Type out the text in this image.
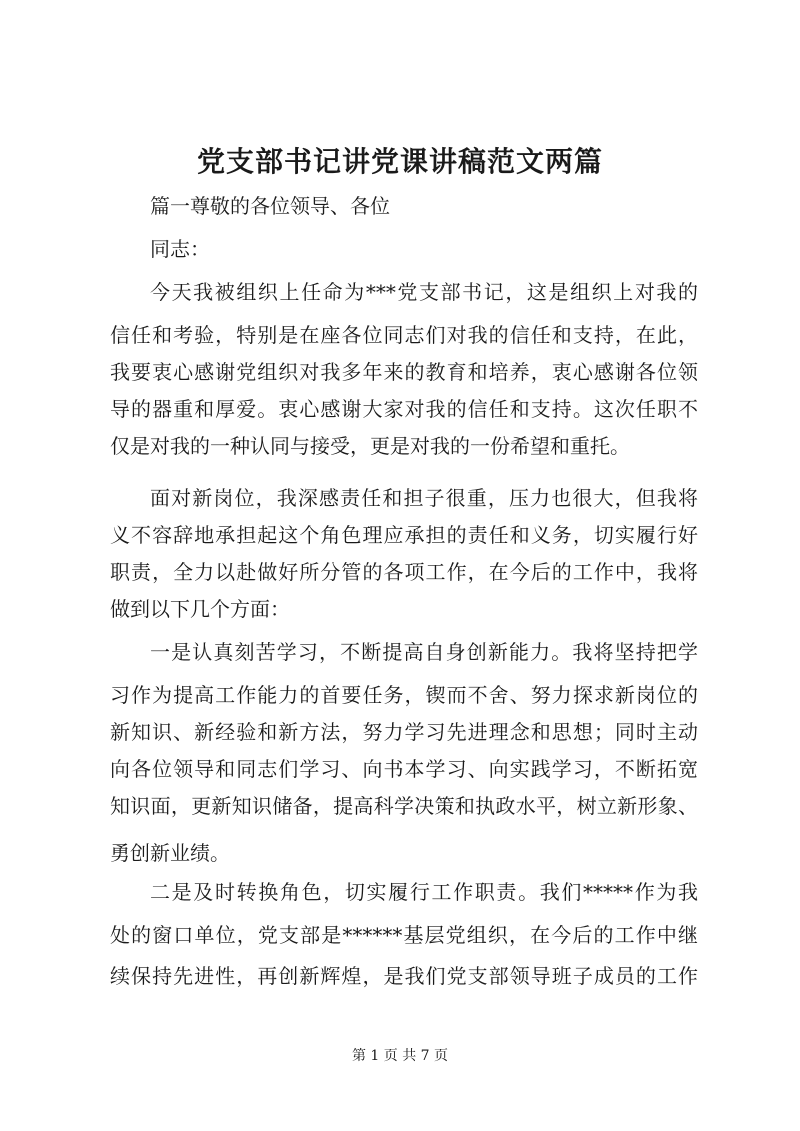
党支部书记讲党课讲稿范文两篇
篇一尊敬的各位领导、各位
同志：
今天我被组织上任命为***党支部书记，这是组织上对我的
信任和考验，特别是在座各位同志们对我的信任和支持，在此，
我要衷心感谢党组织对我多年来的教育和培养，衷心感谢各位领
导的器重和厚爱。衷心感谢大家对我的信任和支持。这次任职不
仅是对我的一种认同与接受，更是对我的一份希望和重托。
面对新岗位，我深感责任和担子很重，压力也很大，但我将
义不容辞地承担起这个角色理应承担的责任和义务，切实履行好
职责，全力以赴做好所分管的各项工作，在今后的工作中，我将
做到以下几个方面：
一是认真刻苦学习，不断提高自身创新能力。我将坚持把学
习作为提高工作能力的首要任务，锲而不舍、努力探求新岗位的
新知识、新经验和新方法，努力学习先进理念和思想；同时主动
向各位领导和同志们学习、向书本学习、向实践学习，不断拓宽
知识面，更新知识储备，提高科学决策和执政水平，树立新形象、
勇创新业绩。
二是及时转换角色，切实履行工作职责。我们*****作为我
处的窗口单位，党支部是******基层党组织，在今后的工作中继
续保持先进性，再创新辉煌，是我们党支部领导班子成员的工作
第 1 页 共 7 页
